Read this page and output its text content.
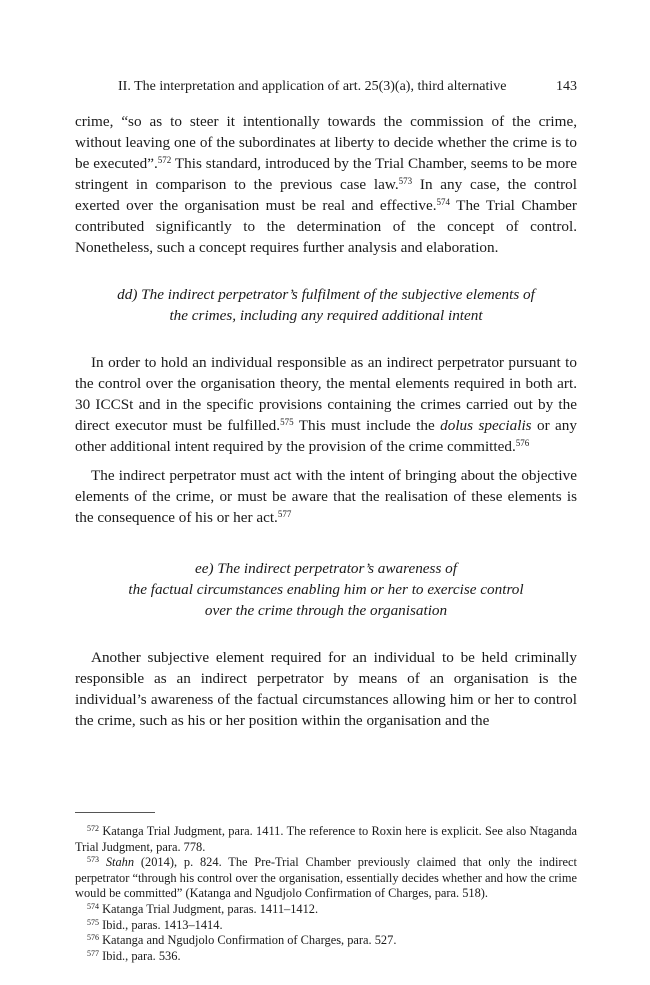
II. The interpretation and application of art. 25(3)(a), third alternative	143

crime, “so as to steer it intentionally towards the commission of the crime, without leaving one of the subordinates at liberty to decide whether the crime is to be executed”.$^{572}$ This standard, introduced by the Trial Chamber, seems to be more stringent in comparison to the previous case law.$^{573}$ In any case, the control exerted over the organisation must be real and effective.$^{574}$ The Trial Chamber contributed significantly to the determination of the concept of control. Nonetheless, such a concept requires further analysis and elaboration.

dd) The indirect perpetrator’s fulfilment of the subjective elements of
the crimes, including any required additional intent

In order to hold an individual responsible as an indirect perpetrator pursuant to the control over the organisation theory, the mental elements required in both art. 30 ICCSt and in the specific provisions containing the crimes carried out by the direct executor must be fulfilled.$^{575}$ This must include the dolus specialis or any other additional intent required by the provision of the crime committed.$^{576}$

The indirect perpetrator must act with the intent of bringing about the objective elements of the crime, or must be aware that the realisation of these elements is the consequence of his or her act.$^{577}$

ee) The indirect perpetrator’s awareness of
the factual circumstances enabling him or her to exercise control
over the crime through the organisation

Another subjective element required for an individual to be held criminally responsible as an indirect perpetrator by means of an organisation is the individual’s awareness of the factual circumstances allowing him or her to control the crime, such as his or her position within the organisation and the

$^{572}$ Katanga Trial Judgment, para. 1411. The reference to Roxin here is explicit. See also Ntaganda Trial Judgment, para. 778.

$^{573}$ Stahn (2014), p. 824. The Pre-Trial Chamber previously claimed that only the indirect perpetrator “through his control over the organisation, essentially decides whether and how the crime would be committed” (Katanga and Ngudjolo Confirmation of Charges, para. 518).

$^{574}$ Katanga Trial Judgment, paras. 1411–1412.

$^{575}$ Ibid., paras. 1413–1414.

$^{576}$ Katanga and Ngudjolo Confirmation of Charges, para. 527.

$^{577}$ Ibid., para. 536.
